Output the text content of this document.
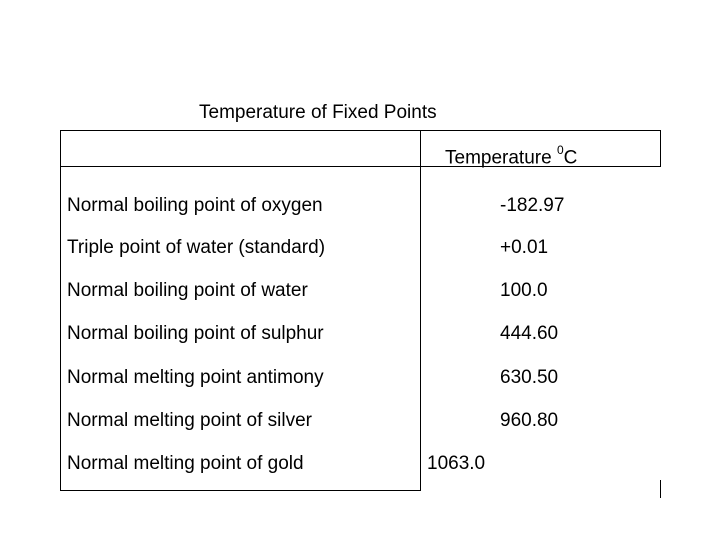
Temperature of Fixed Points
Temperature $^0$C
Normal boiling point of oxygen	-182.97
Triple point of water (standard)	+0.01
Normal boiling point of water	100.0
Normal boiling point of sulphur	444.60
Normal melting point antimony	630.50
Normal melting point of silver	960.80
Normal melting point of gold	1063.0
